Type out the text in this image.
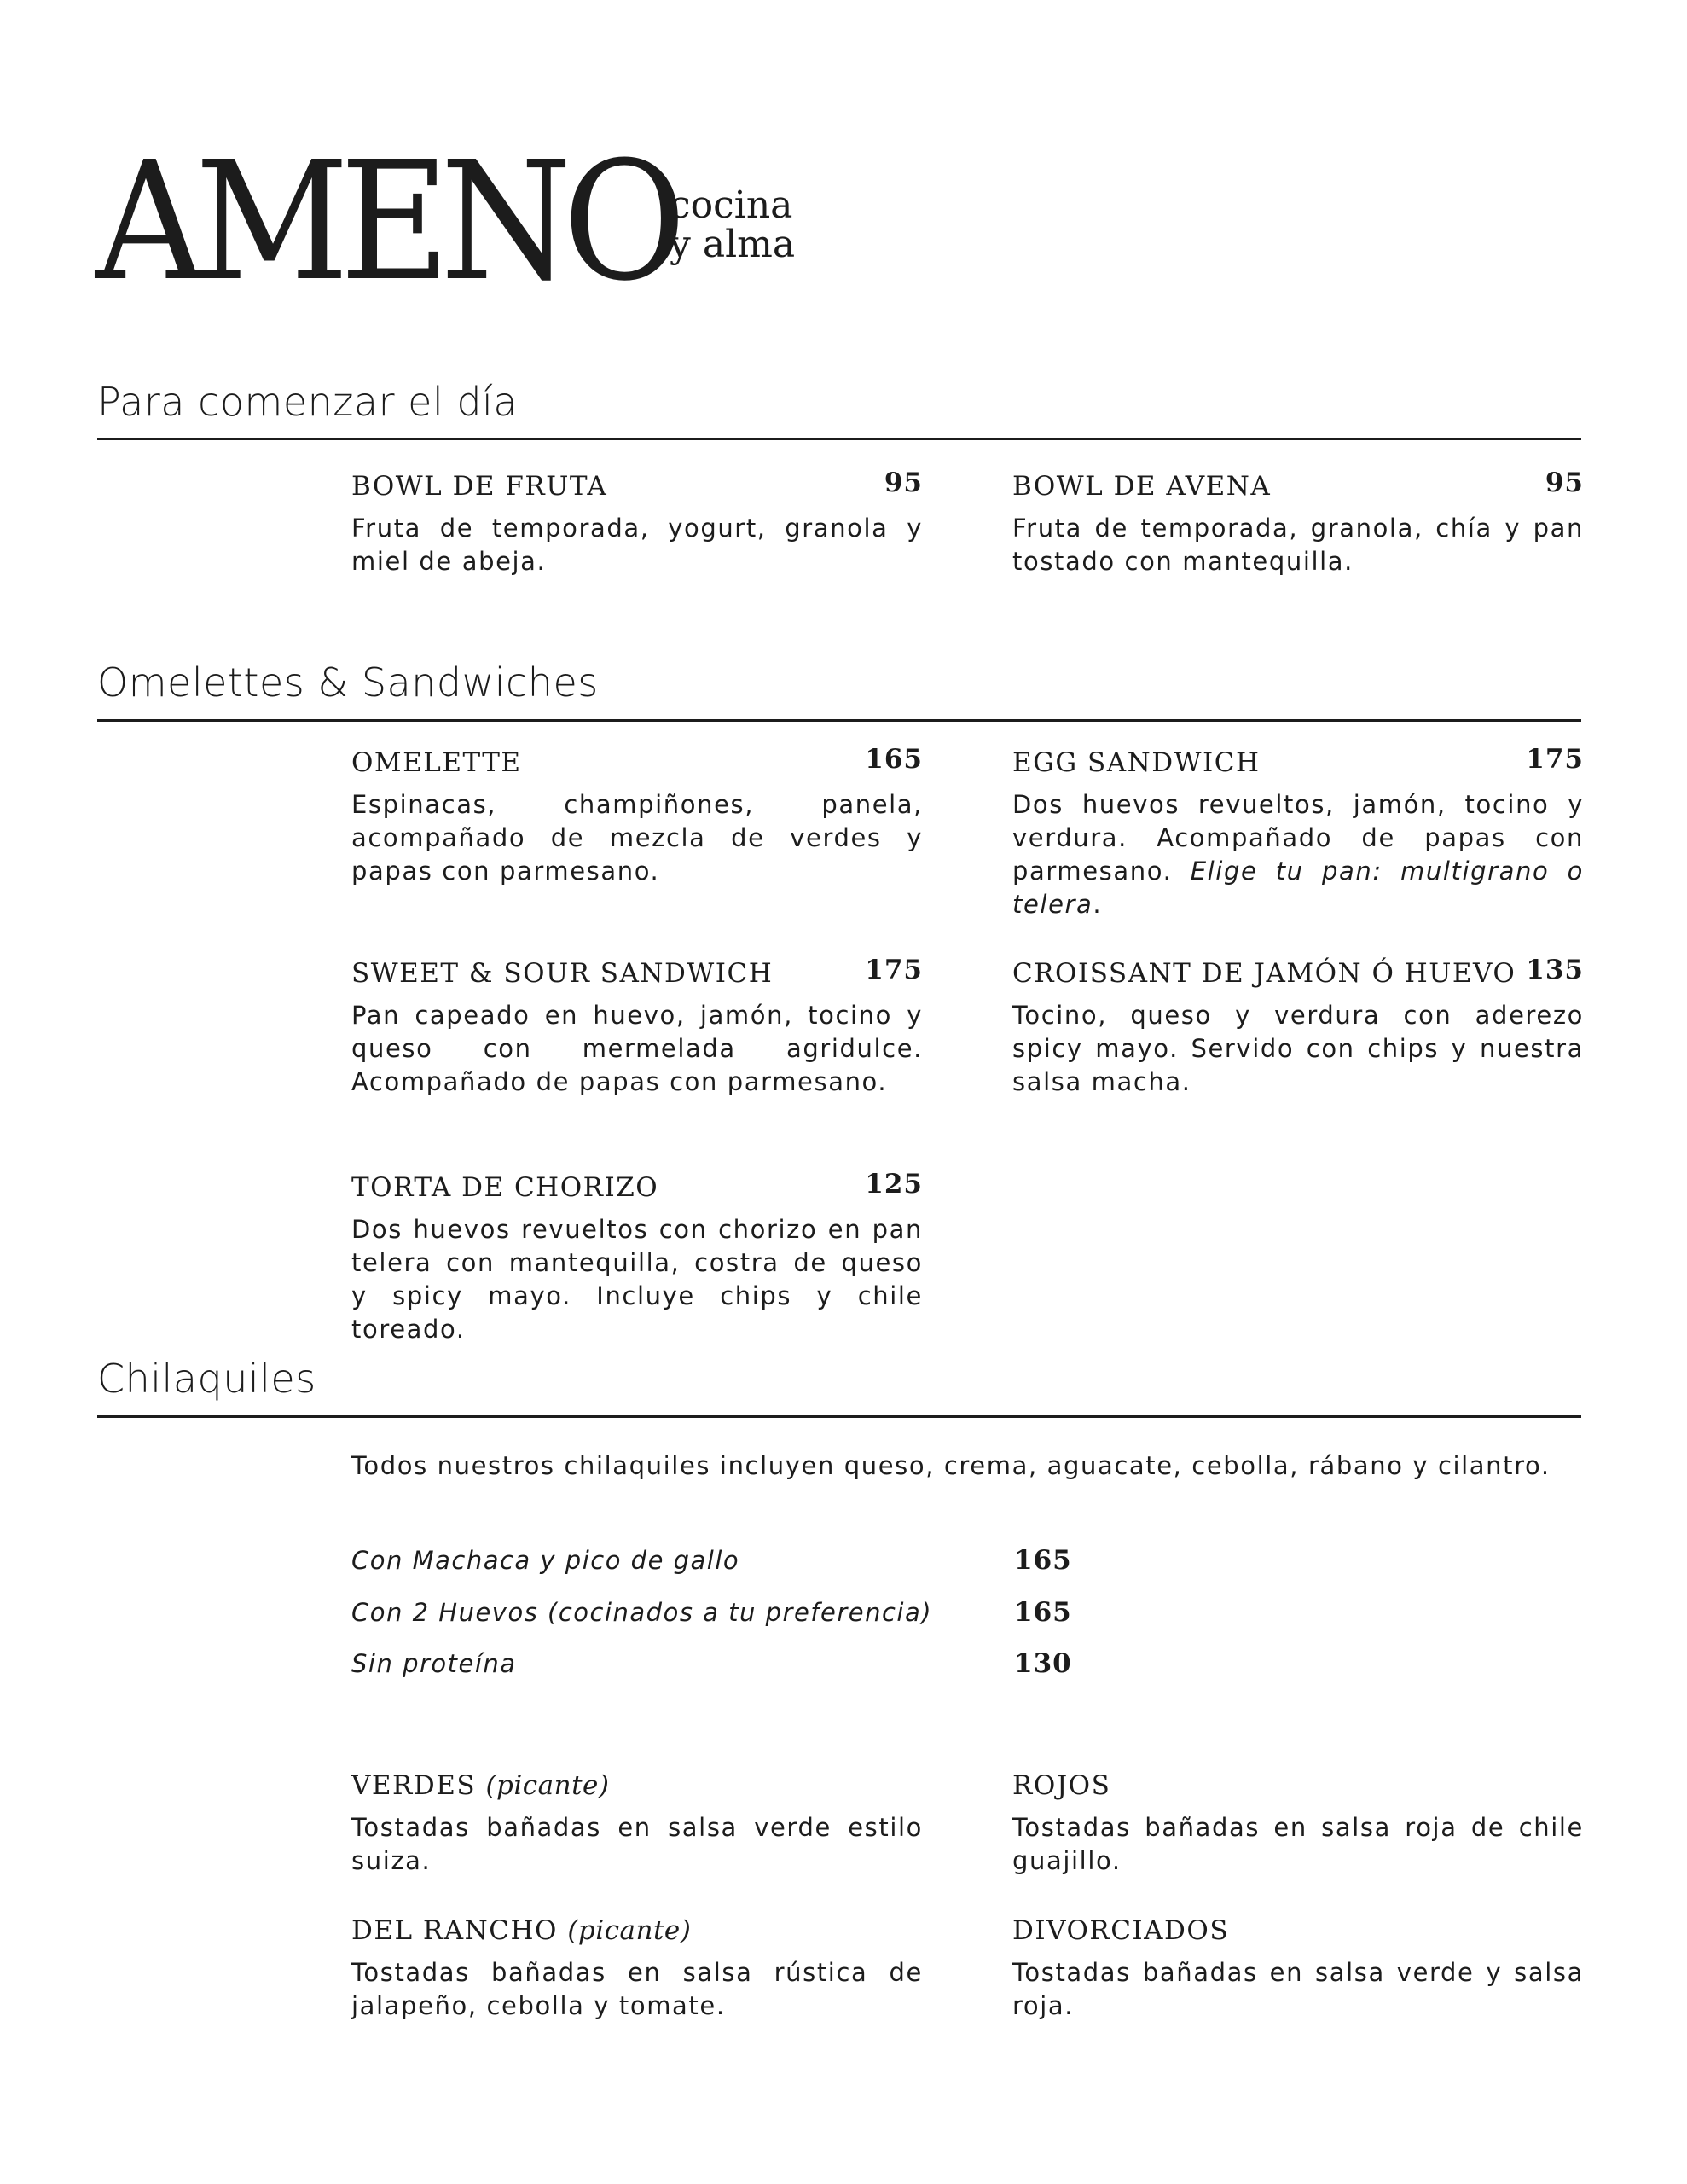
AMENO
cocina
y alma
Para comenzar el día
BOWL DE FRUTA	95
Fruta de temporada, yogurt, granola y miel de abeja.
BOWL DE AVENA	95
Fruta de temporada, granola, chía y pan tostado con mantequilla.
Omelettes & Sandwiches
OMELETTE	165
Espinacas, champiñones, panela, acompañado de mezcla de verdes y papas con parmesano.
EGG SANDWICH	175
Dos huevos revueltos, jamón, tocino y verdura. Acompañado de papas con parmesano. Elige tu pan: multigrano o telera.
SWEET & SOUR SANDWICH	175
Pan capeado en huevo, jamón, tocino y queso con mermelada agridulce. Acompañado de papas con parmesano.
CROISSANT DE JAMÓN Ó HUEVO 135
Tocino, queso y verdura con aderezo spicy mayo. Servido con chips y nuestra salsa macha.
TORTA DE CHORIZO	125
Dos huevos revueltos con chorizo en pan telera con mantequilla, costra de queso y spicy mayo. Incluye chips y chile toreado.
Chilaquiles
Todos nuestros chilaquiles incluyen queso, crema, aguacate, cebolla, rábano y cilantro.
Con Machaca y pico de gallo	165
Con 2 Huevos (cocinados a tu preferencia)	165
Sin proteína	130
VERDES (picante)
Tostadas bañadas en salsa verde estilo suiza.
ROJOS
Tostadas bañadas en salsa roja de chile guajillo.
DEL RANCHO (picante)
Tostadas bañadas en salsa rústica de jalapeño, cebolla y tomate.
DIVORCIADOS
Tostadas bañadas en salsa verde y salsa roja.
